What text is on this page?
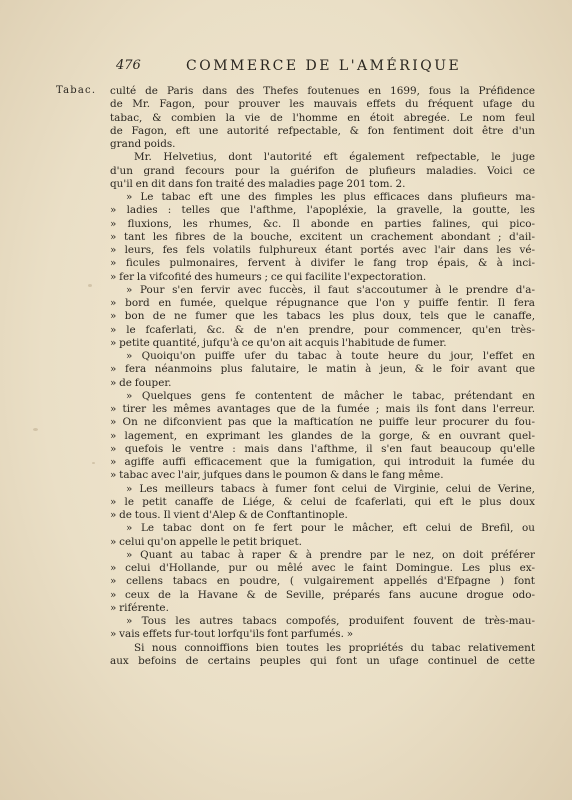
476	COMMERCE DE L'AMÉRIQUE
Tabac. culté de Paris dans des Thefes foutenues en 1699, fous la Préfidence
de Mr. Fagon, pour prouver les mauvais effets du fréquent ufage du
tabac, & combien la vie de l'homme en étoit abregée. Le nom feul
de Fagon, eft une autorité refpectable, & fon fentiment doit être d'un
grand poids.
Mr. Helvetius, dont l'autorité eft également refpectable, le juge
d'un grand fecours pour la guérifon de plufieurs maladies. Voici ce
qu'il en dit dans fon traité des maladies page 201 tom. 2.
» Le tabac eft une des fimples les plus efficaces dans plufieurs ma-
» ladies : telles que l'afthme, l'apopléxie, la gravelle, la goutte, les
» fluxions, les rhumes, &c. Il abonde en parties falines, qui pico-
» tant les fibres de la bouche, excitent un crachement abondant ; d'ail-
» leurs, fes fels volatils fulphureux étant portés avec l'air dans les vé-
» ficules pulmonaires, fervent à divifer le fang trop épais, & à inci-
» fer la vifcofité des humeurs ; ce qui facilite l'expectoration.
» Pour s'en fervir avec fuccès, il faut s'accoutumer à le prendre d'a-
» bord en fumée, quelque répugnance que l'on y puiffe fentir. Il fera
» bon de ne fumer que les tabacs les plus doux, tels que le canaffe,
» le fcaferlati, &c. & de n'en prendre, pour commencer, qu'en très-
» petite quantité, jufqu'à ce qu'on ait acquis l'habitude de fumer.
» Quoiqu'on puiffe ufer du tabac à toute heure du jour, l'effet en
» fera néanmoins plus falutaire, le matin à jeun, & le foir avant que
» de fouper.
» Quelques gens fe contentent de mâcher le tabac, prétendant en
» tirer les mêmes avantages que de la fumée ; mais ils font dans l'erreur.
» On ne difconvient pas que la mafticatíon ne puiffe leur procurer du fou-
» lagement, en exprimant les glandes de la gorge, & en ouvrant quel-
» quefois le ventre : mais dans l'afthme, il s'en faut beaucoup qu'elle
» agiffe auffi efficacement que la fumigation, qui introduit la fumée du
» tabac avec l'air, jufques dans le poumon & dans le fang même.
» Les meilleurs tabacs à fumer font celui de Virginie, celui de Verine,
» le petit canaffe de Liége, & celui de fcaferlati, qui eft le plus doux
» de tous. Il vient d'Alep & de Conftantinople.
» Le tabac dont on fe fert pour le mâcher, eft celui de Brefil, ou
» celui qu'on appelle le petit briquet.
» Quant au tabac à raper & à prendre par le nez, on doit préférer
» celui d'Hollande, pur ou mêlé avec le faint Domingue. Les plus ex-
» cellens tabacs en poudre, ( vulgairement appellés d'Efpagne ) font
» ceux de la Havane & de Seville, préparés fans aucune drogue odo-
» riférente.
» Tous les autres tabacs compofés, produifent fouvent de très-mau-
» vais effets fur-tout lorfqu'ils font parfumés. »
Si nous connoiffions bien toutes les propriétés du tabac relativement
aux befoins de certains peuples qui font un ufage continuel de cette
